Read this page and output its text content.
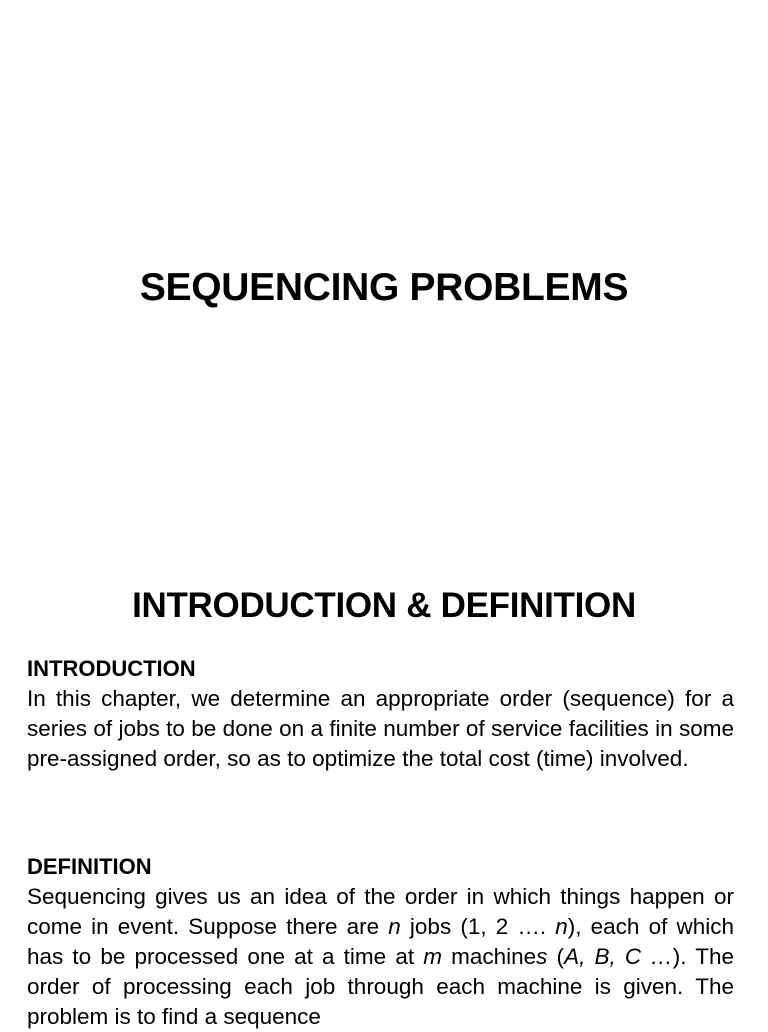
SEQUENCING PROBLEMS
INTRODUCTION & DEFINITION

INTRODUCTION

In this chapter, we determine an appropriate order (sequence) for a series of jobs to be done on a finite number of service facilities in some pre-assigned order, so as to optimize the total cost (time) involved.

DEFINITION

Sequencing gives us an idea of the order in which things happen or come in event. Suppose there are n jobs (1, 2 …. n), each of which has to be processed one at a time at m machines (A, B, C …). The order of processing each job through each machine is given. The problem is to find a sequence
